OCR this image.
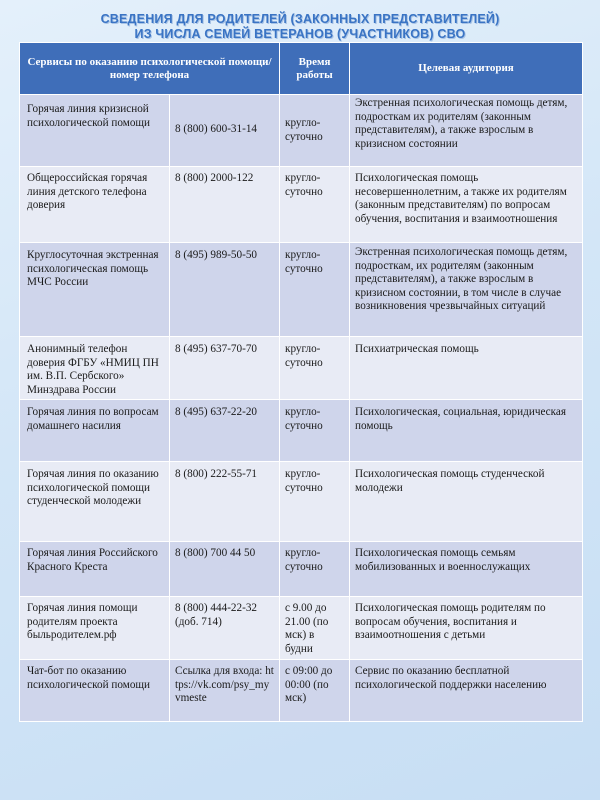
СВЕДЕНИЯ ДЛЯ РОДИТЕЛЕЙ (ЗАКОННЫХ ПРЕДСТАВИТЕЛЕЙ)
ИЗ ЧИСЛА СЕМЕЙ ВЕТЕРАНОВ (УЧАСТНИКОВ) СВО
Сервисы по оказанию психологической помощи/ номер телефона		Время работы	Целевая аудитория
Горячая линия кризисной психологической помощи	8 (800) 600-31-14	кругло-суточно	Экстренная психологическая помощь детям, подросткам их родителям (законным представителям), а также взрослым в кризисном состоянии
Общероссийская горячая линия детского телефона доверия	8 (800) 2000-122	кругло-суточно	Психологическая помощь несовершеннолетним, а также их родителям (законным представителям) по вопросам обучения, воспитания и взаимоотношения
Круглосуточная экстренная психологическая помощь МЧС России	8 (495) 989-50-50	кругло-суточно	Экстренная психологическая помощь детям, подросткам, их родителям (законным представителям), а также взрослым в кризисном состоянии, в том числе в случае возникновения чрезвычайных ситуаций
Анонимный телефон доверия ФГБУ «НМИЦ ПН им. В.П. Сербского» Минздрава России	8 (495) 637-70-70	кругло-суточно	Психиатрическая помощь
Горячая линия по вопросам домашнего насилия	8 (495) 637-22-20	кругло-суточно	Психологическая, социальная, юридическая помощь
Горячая линия по оказанию психологической помощи студенческой молодежи	8 (800) 222-55-71	кругло-суточно	Психологическая помощь студенческой молодежи
Горячая линия Российского Красного Креста	8 (800) 700 44 50	кругло-суточно	Психологическая помощь семьям мобилизованных и военнослужащих
Горячая линия помощи родителям проекта быльродителем.рф	8 (800) 444-22-32 (доб. 714)	с 9.00 до 21.00 (по мск) в будни	Психологическая помощь родителям по вопросам обучения, воспитания и взаимоотношения с детьми
Чат-бот по оказанию психологической помощи	Ссылка для входа: https://vk.com/psy_myvmeste	с 09:00 до 00:00 (по мск)	Сервис по оказанию бесплатной психологической поддержки населению
